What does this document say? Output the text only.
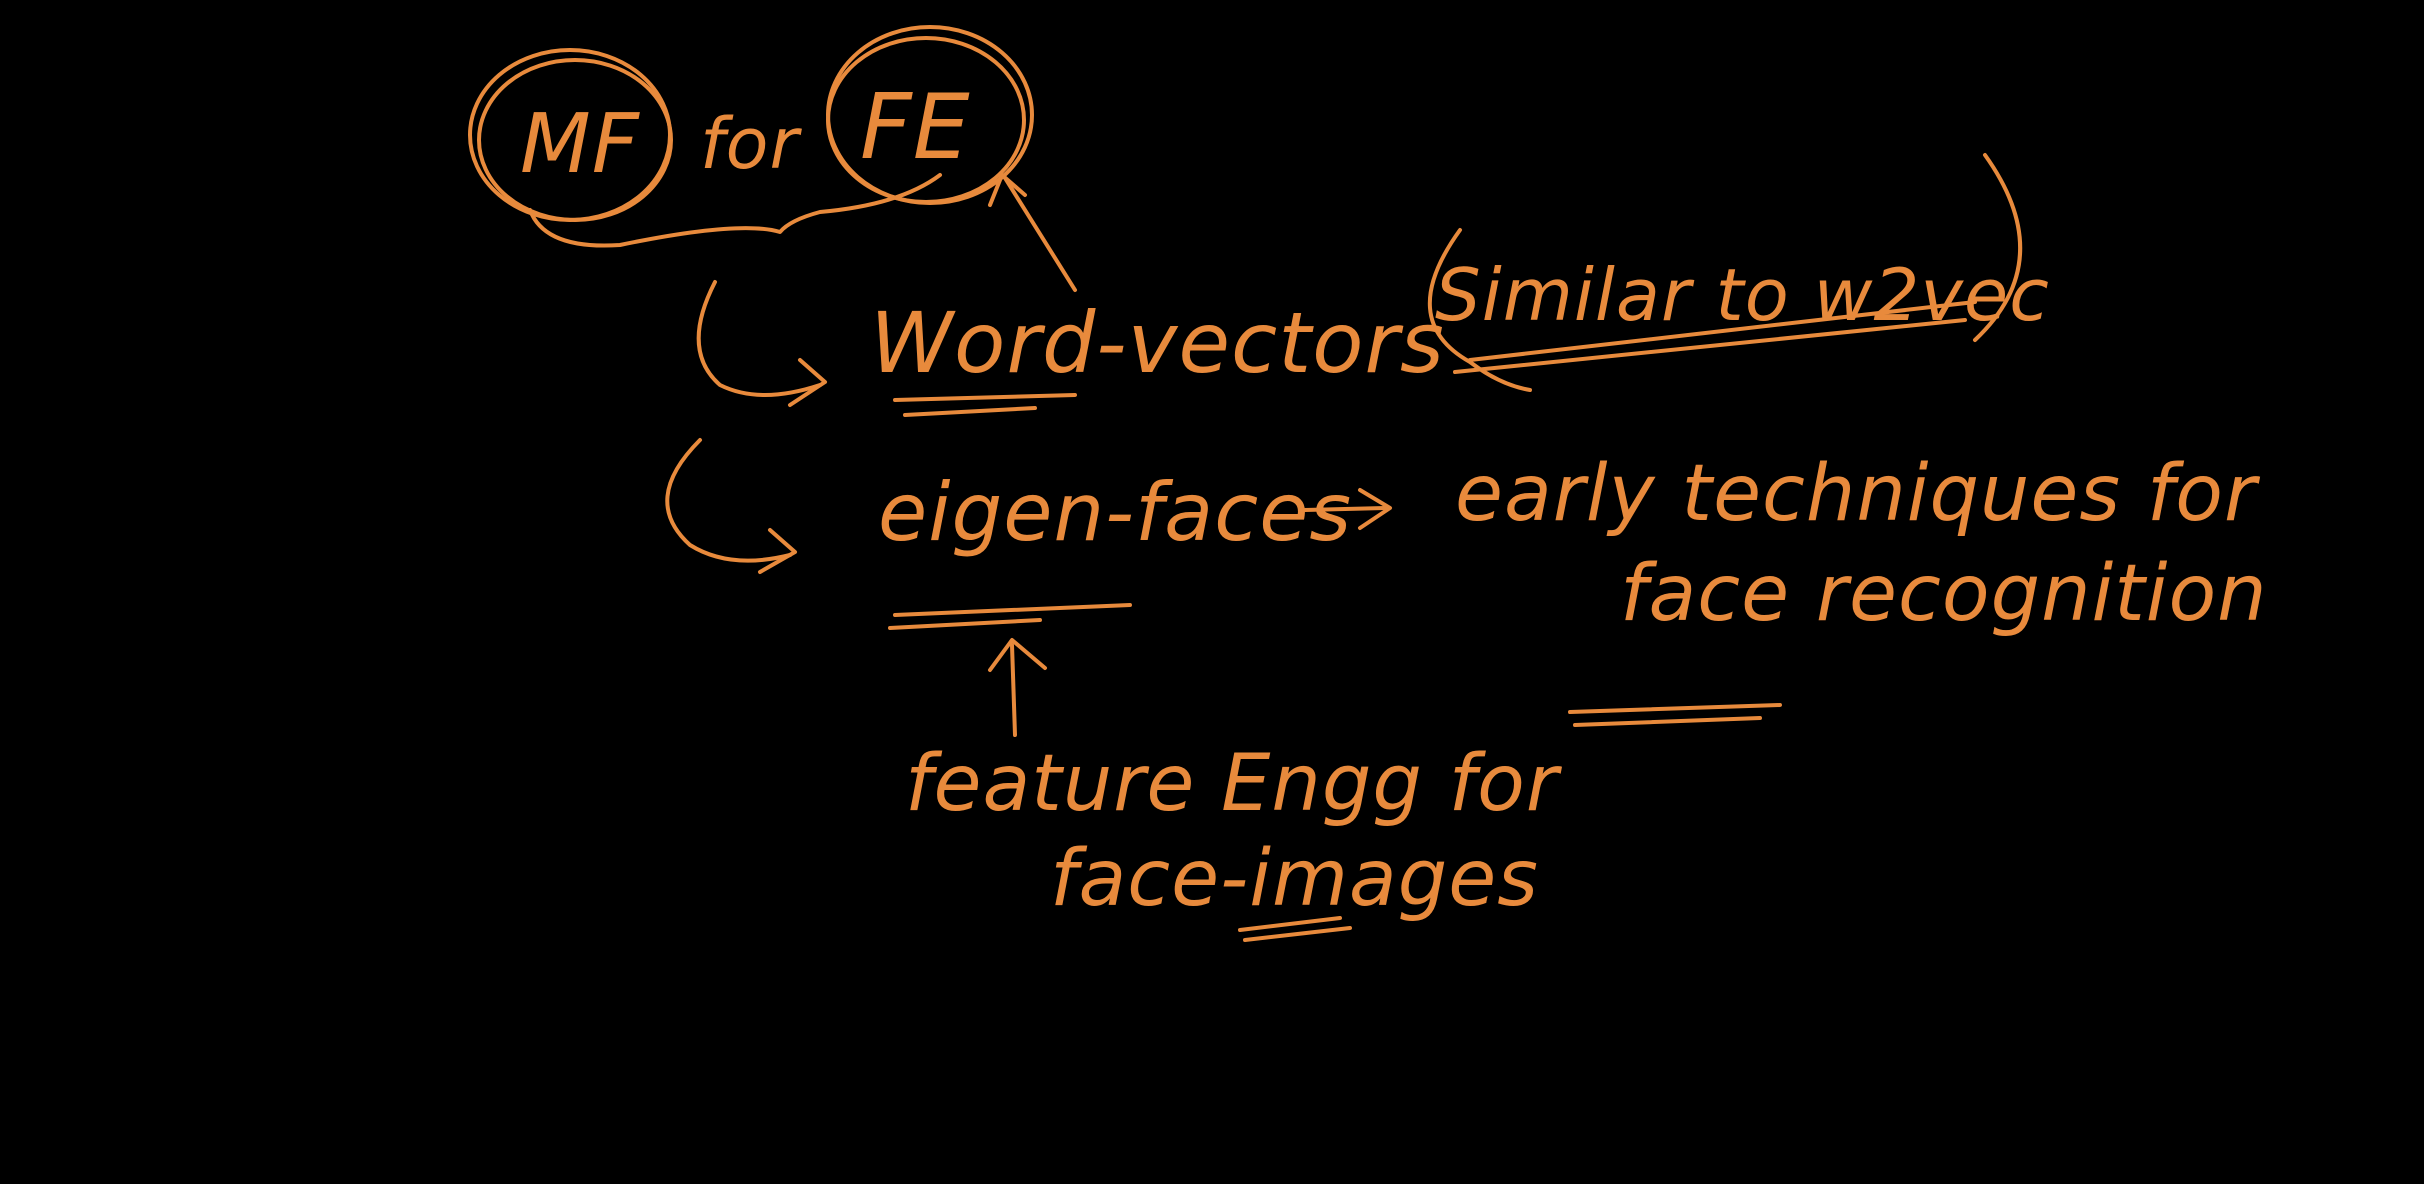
MF for FE
Word-vectors
Similar to w2vec
eigen-faces early techniques for
face recognition
feature Engg for
face-images
